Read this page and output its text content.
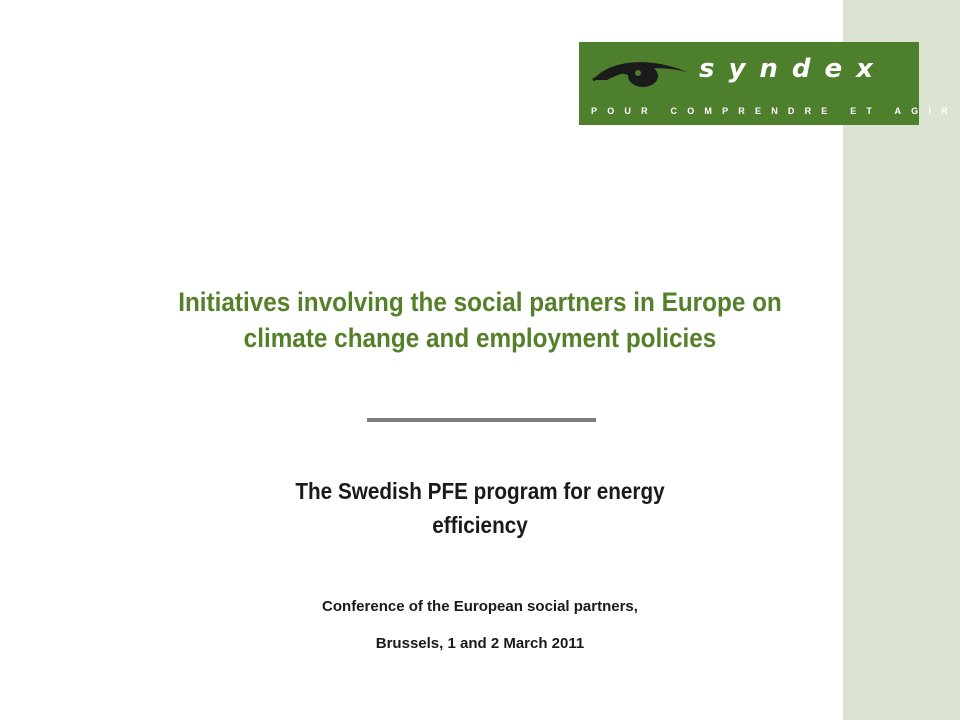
syndex
POUR COMPRENDRE ET AGIR
Initiatives involving the social partners in Europe on climate change and employment policies
The Swedish PFE program for energy
efficiency
Conference of the European social partners,
Brussels, 1 and 2 March 2011
